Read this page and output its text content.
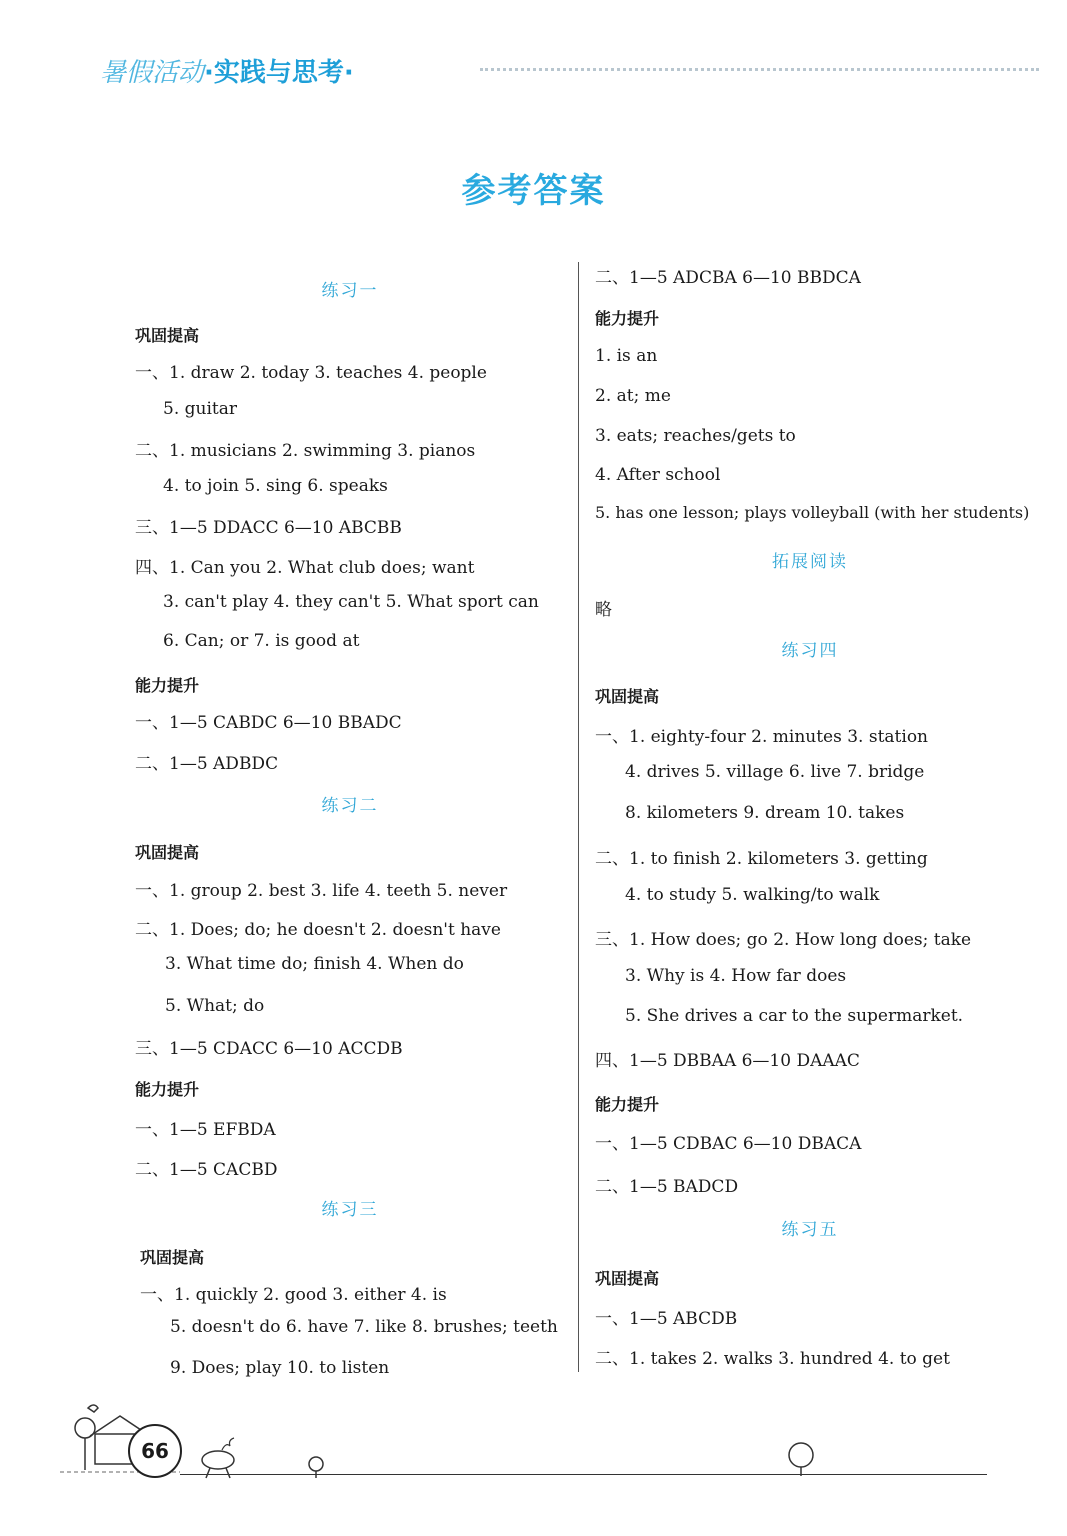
暑假活动·实践与思考·
参考答案
练习一
巩固提高
一、1. draw 2. today 3. teaches 4. people
5. guitar
二、1. musicians 2. swimming 3. pianos
4. to join 5. sing 6. speaks
三、1—5 DDACC 6—10 ABCBB
四、1. Can you 2. What club does; want
3. can't play 4. they can't 5. What sport can
6. Can; or 7. is good at
能力提升
一、1—5 CABDC 6—10 BBADC
二、1—5 ADBDC
练习二
巩固提高
一、1. group 2. best 3. life 4. teeth 5. never
二、1. Does; do; he doesn't 2. doesn't have
3. What time do; finish 4. When do
5. What; do
三、1—5 CDACC 6—10 ACCDB
能力提升
一、1—5 EFBDA
二、1—5 CACBD
练习三
巩固提高
一、1. quickly 2. good 3. either 4. is
5. doesn't do 6. have 7. like 8. brushes; teeth
9. Does; play 10. to listen
二、1—5 ADCBA 6—10 BBDCA
能力提升
1. is an
2. at; me
3. eats; reaches/gets to
4. After school
5. has one lesson; plays volleyball (with her students)
拓展阅读
略
练习四
巩固提高
一、1. eighty-four 2. minutes 3. station
4. drives 5. village 6. live 7. bridge
8. kilometers 9. dream 10. takes
二、1. to finish 2. kilometers 3. getting
4. to study 5. walking/to walk
三、1. How does; go 2. How long does; take
3. Why is 4. How far does
5. She drives a car to the supermarket.
四、1—5 DBBAA 6—10 DAAAC
能力提升
一、1—5 CDBAC 6—10 DBACA
二、1—5 BADCD
练习五
巩固提高
一、1—5 ABCDB
二、1. takes 2. walks 3. hundred 4. to get
66
